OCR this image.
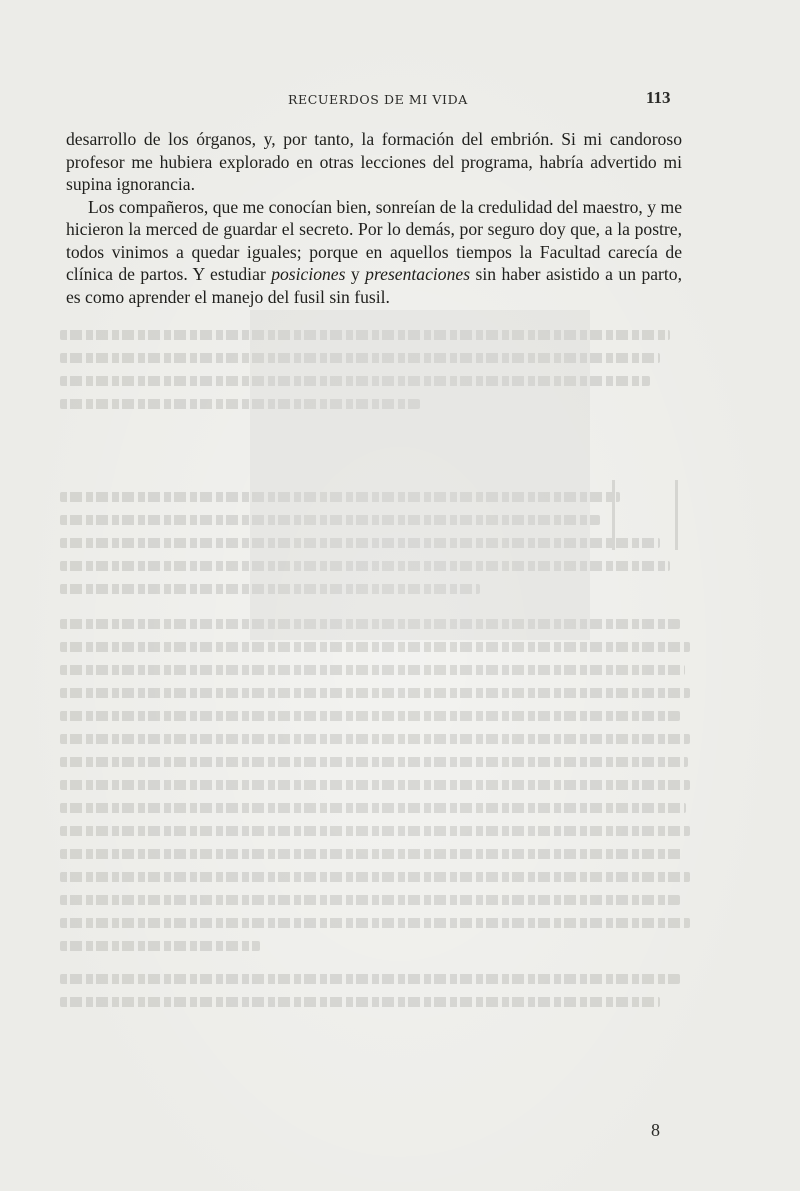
RECUERDOS DE MI VIDA	113

desarrollo de los órganos, y, por tanto, la formación del embrión. Si mi candoroso profesor me hubiera explorado en otras lecciones del programa, habría advertido mi supina ignorancia.

Los compañeros, que me conocían bien, sonreían de la credulidad del maestro, y me hicieron la merced de guardar el secreto. Por lo demás, por seguro doy que, a la postre, todos vinimos a quedar iguales; porque en aquellos tiempos la Facultad carecía de clínica de partos. Y estudiar posiciones y presentaciones sin haber asistido a un parto, es como aprender el manejo del fusil sin fusil.

8
